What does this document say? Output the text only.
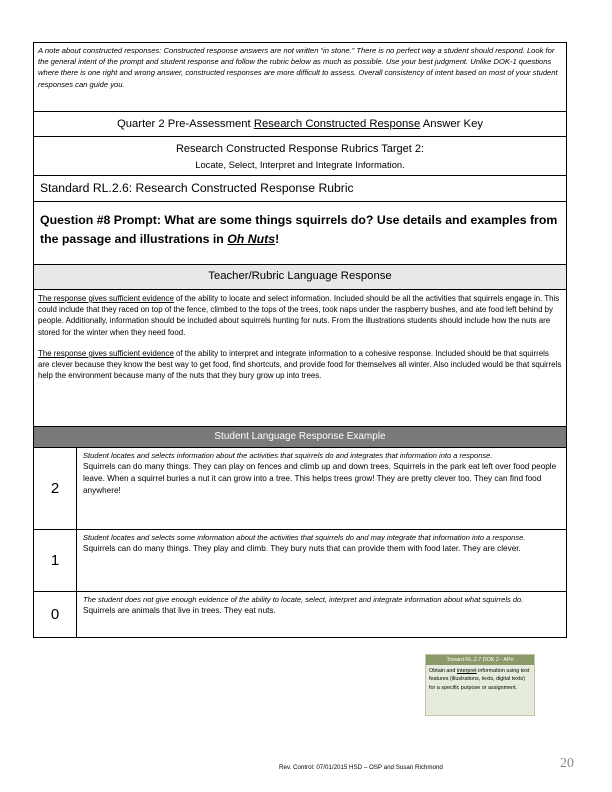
A note about constructed responses: Constructed response answers are not written “in stone.” There is no perfect way a student should respond. Look for the general intent of the prompt and student response and follow the rubric below as much as possible. Use your best judgment. Unlike DOK-1 questions where there is one right and wrong answer, constructed responses are more difficult to assess. Overall consistency of intent based on most of your student responses can guide you.
Quarter 2 Pre-Assessment Research Constructed Response Answer Key
Research Constructed Response Rubrics Target 2:
Locate, Select, Interpret and Integrate Information.
Standard RL.2.6: Research Constructed Response Rubric
Question #8 Prompt: What are some things squirrels do? Use details and examples from the passage and illustrations in Oh Nuts!
Teacher/Rubric Language Response

The response gives sufficient evidence of the ability to locate and select information. Included should be all the activities that squirrels engage in. This could include that they raced on top of the fence, climbed to the tops of the trees, took naps under the raspberry bushes, and ate food left behind by people. Additionally, information should be included about squirrels hunting for nuts. From the illustrations students should include how the nuts are stored for the winter when they need food.

The response gives sufficient evidence of the ability to interpret and integrate information to a cohesive response. Included should be that squirrels are clever because they know the best way to get food, find shortcuts, and provide food for themselves all winter. Also included would be that squirrels help the environment because many of the nuts that they bury grow up into trees.

Student Language Response Example
2
Student locates and selects information about the activities that squirrels do and integrates that information into a response.
Squirrels can do many things. They can play on fences and climb up and down trees. Squirrels in the park eat left over food people leave. When a squirrel buries a nut it can grow into a tree. This helps trees grow! They are pretty clever too. They can find food anywhere!
1
Student locates and selects some information about the activities that squirrels do and may integrate that information into a response.
Squirrels can do many things. They play and climb. They bury nuts that can provide them with food later. They are clever.
0
The student does not give enough evidence of the ability to locate, select, interpret and integrate information about what squirrels do.
Squirrels are animals that live in trees. They eat nuts.
Toward RL.2.7 DOK 2 - APn
Obtain and interpret information using text features (illustrations, texts, digital texts) for a specific purpose or assignment.
Rev. Control: 07/01/2015 HSD – OSP and Susan Richmond	20
